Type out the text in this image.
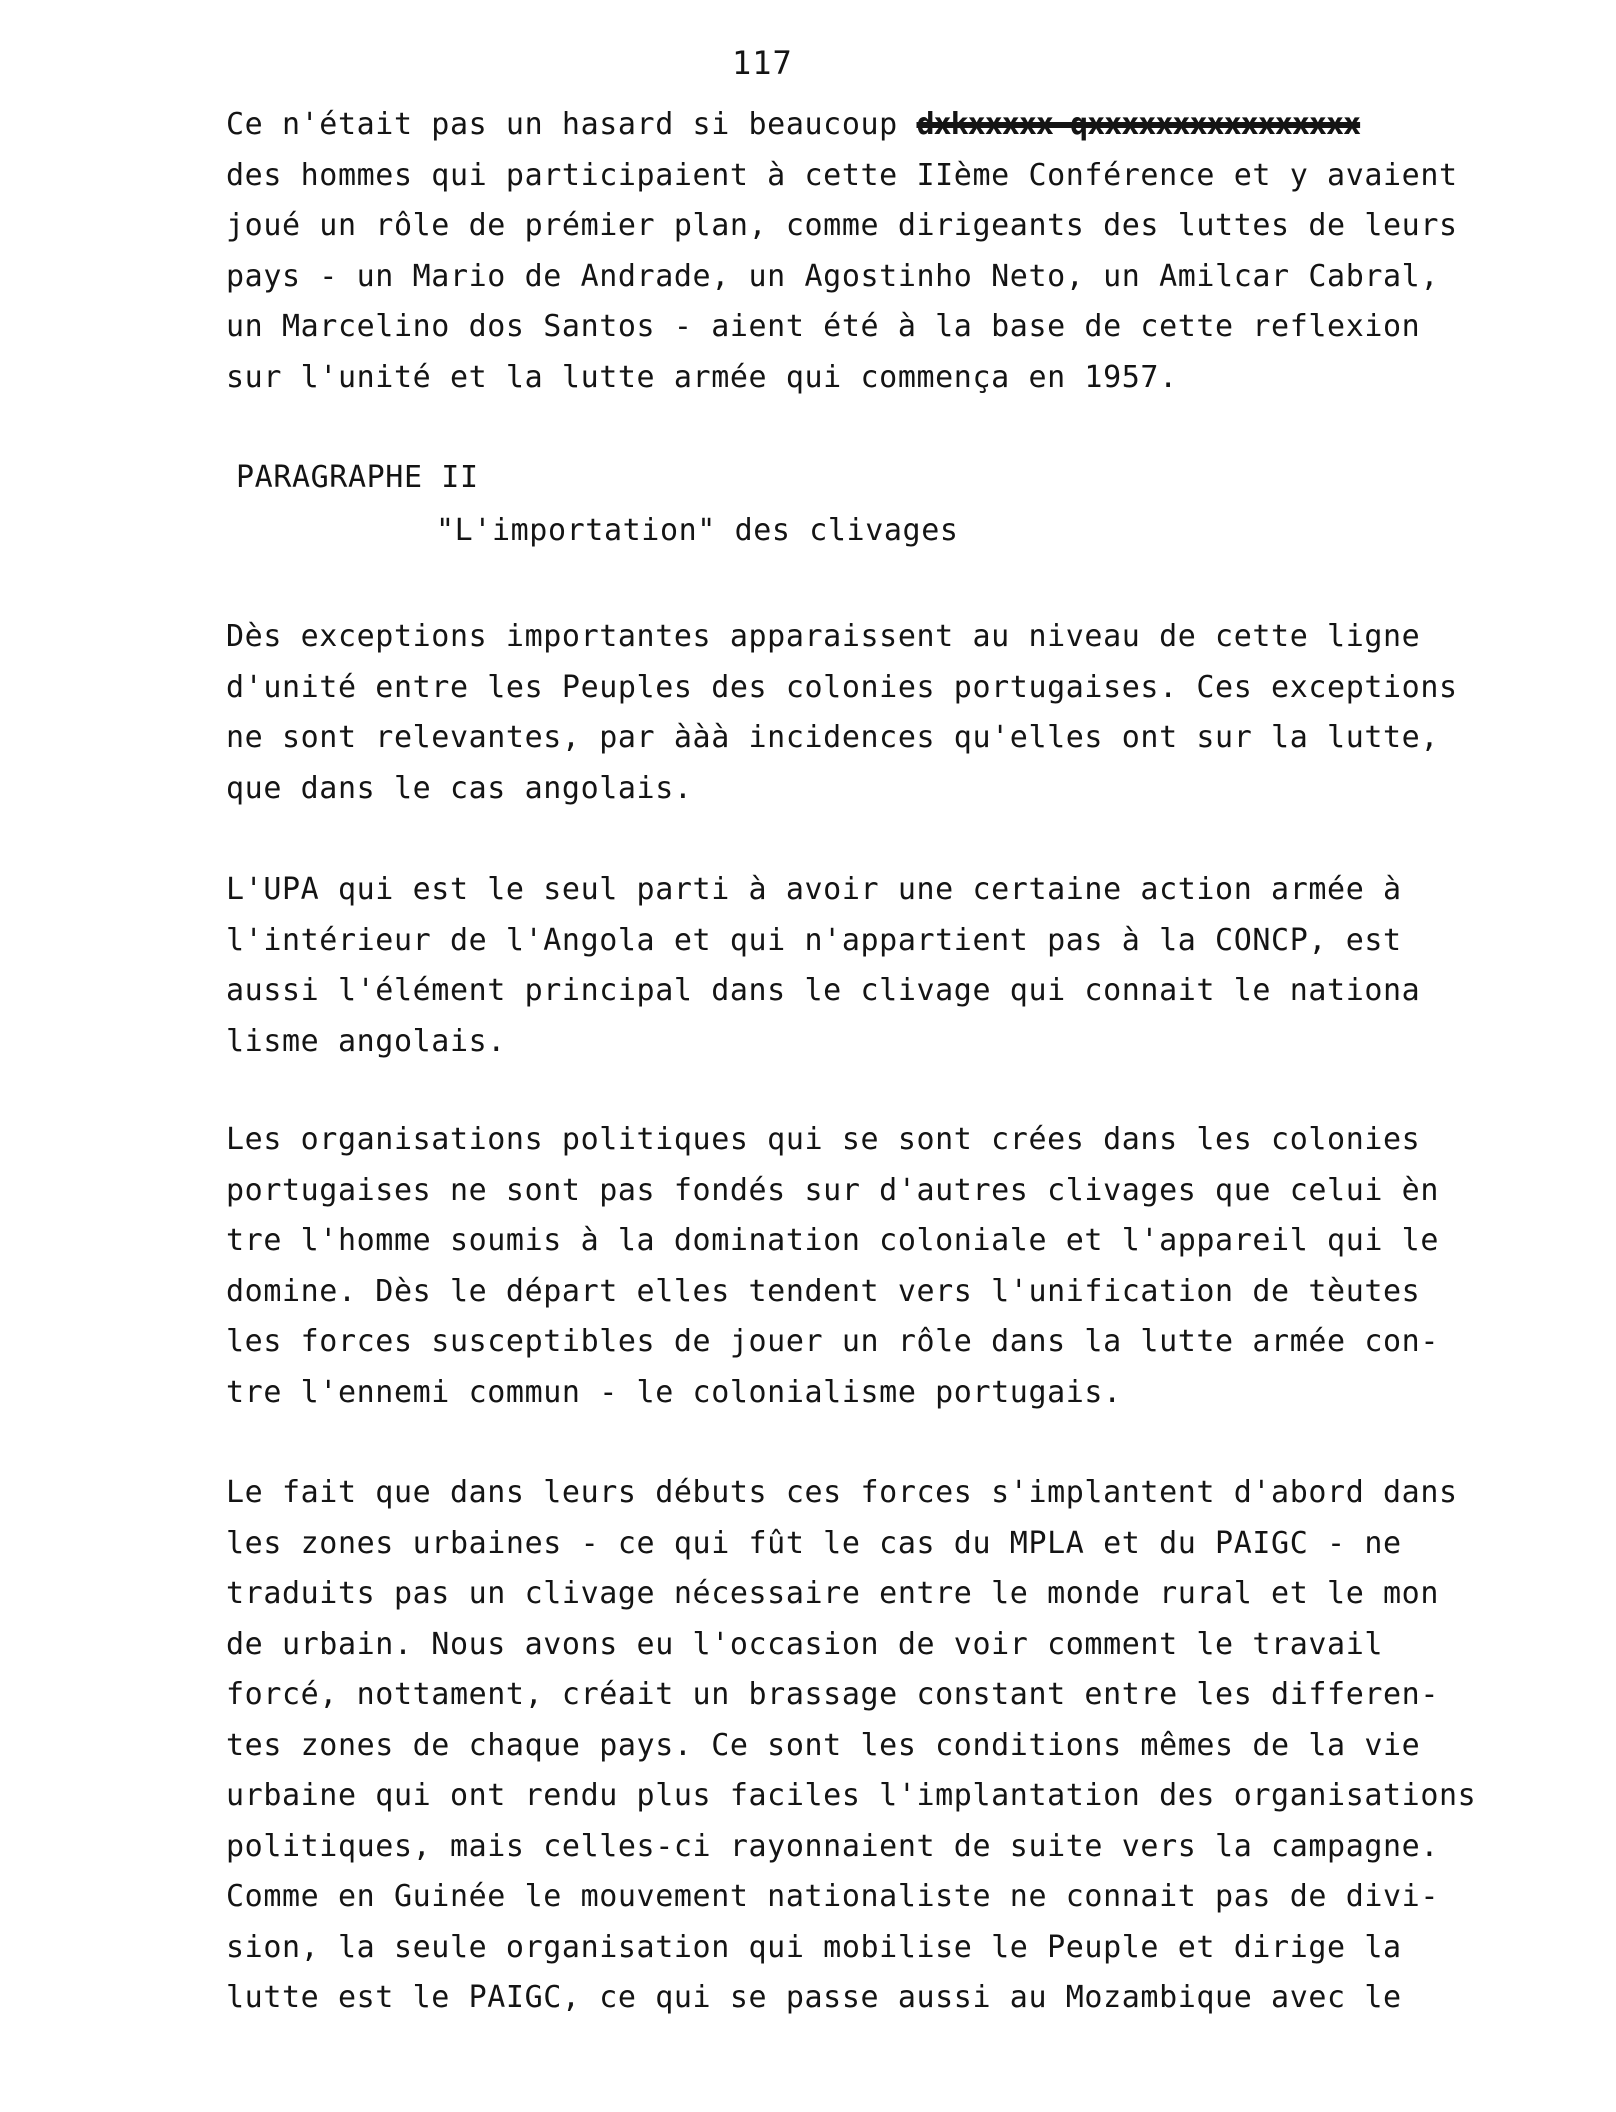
117
Ce n'était pas un hasard si beaucoup dxkxxxxx qxxxxxxxxxxxxxxxx
des hommes qui participaient à cette IIème Conférence et y avaient
joué un rôle de prémier plan, comme dirigeants des luttes de leurs
pays - un Mario de Andrade, un Agostinho Neto, un Amilcar Cabral,
un Marcelino dos Santos - aient été à la base de cette reflexion
sur l'unité et la lutte armée qui commença en 1957.
PARAGRAPHE II
"L'importation" des clivages
Dès exceptions importantes apparaissent au niveau de cette ligne
d'unité entre les Peuples des colonies portugaises. Ces exceptions
ne sont relevantes, par ààà incidences qu'elles ont sur la lutte,
que dans le cas angolais.
L'UPA qui est le seul parti à avoir une certaine action armée à
l'intérieur de l'Angola et qui n'appartient pas à la CONCP, est
aussi l'élément principal dans le clivage qui connait le nationa
lisme angolais.
Les organisations politiques qui se sont crées dans les colonies
portugaises ne sont pas fondés sur d'autres clivages que celui èn
tre l'homme soumis à la domination coloniale et l'appareil qui le
domine. Dès le départ elles tendent vers l'unification de tèutes
les forces susceptibles de jouer un rôle dans la lutte armée con-
tre l'ennemi commun - le colonialisme portugais.
Le fait que dans leurs débuts ces forces s'implantent d'abord dans
les zones urbaines - ce qui fût le cas du MPLA et du PAIGC - ne
traduits pas un clivage nécessaire entre le monde rural et le mon
de urbain. Nous avons eu l'occasion de voir comment le travail
forcé, nottament, créait un brassage constant entre les differen-
tes zones de chaque pays. Ce sont les conditions mêmes de la vie
urbaine qui ont rendu plus faciles l'implantation des organisations
politiques, mais celles-ci rayonnaient de suite vers la campagne.
Comme en Guinée le mouvement nationaliste ne connait pas de divi-
sion, la seule organisation qui mobilise le Peuple et dirige la
lutte est le PAIGC, ce qui se passe aussi au Mozambique avec le
